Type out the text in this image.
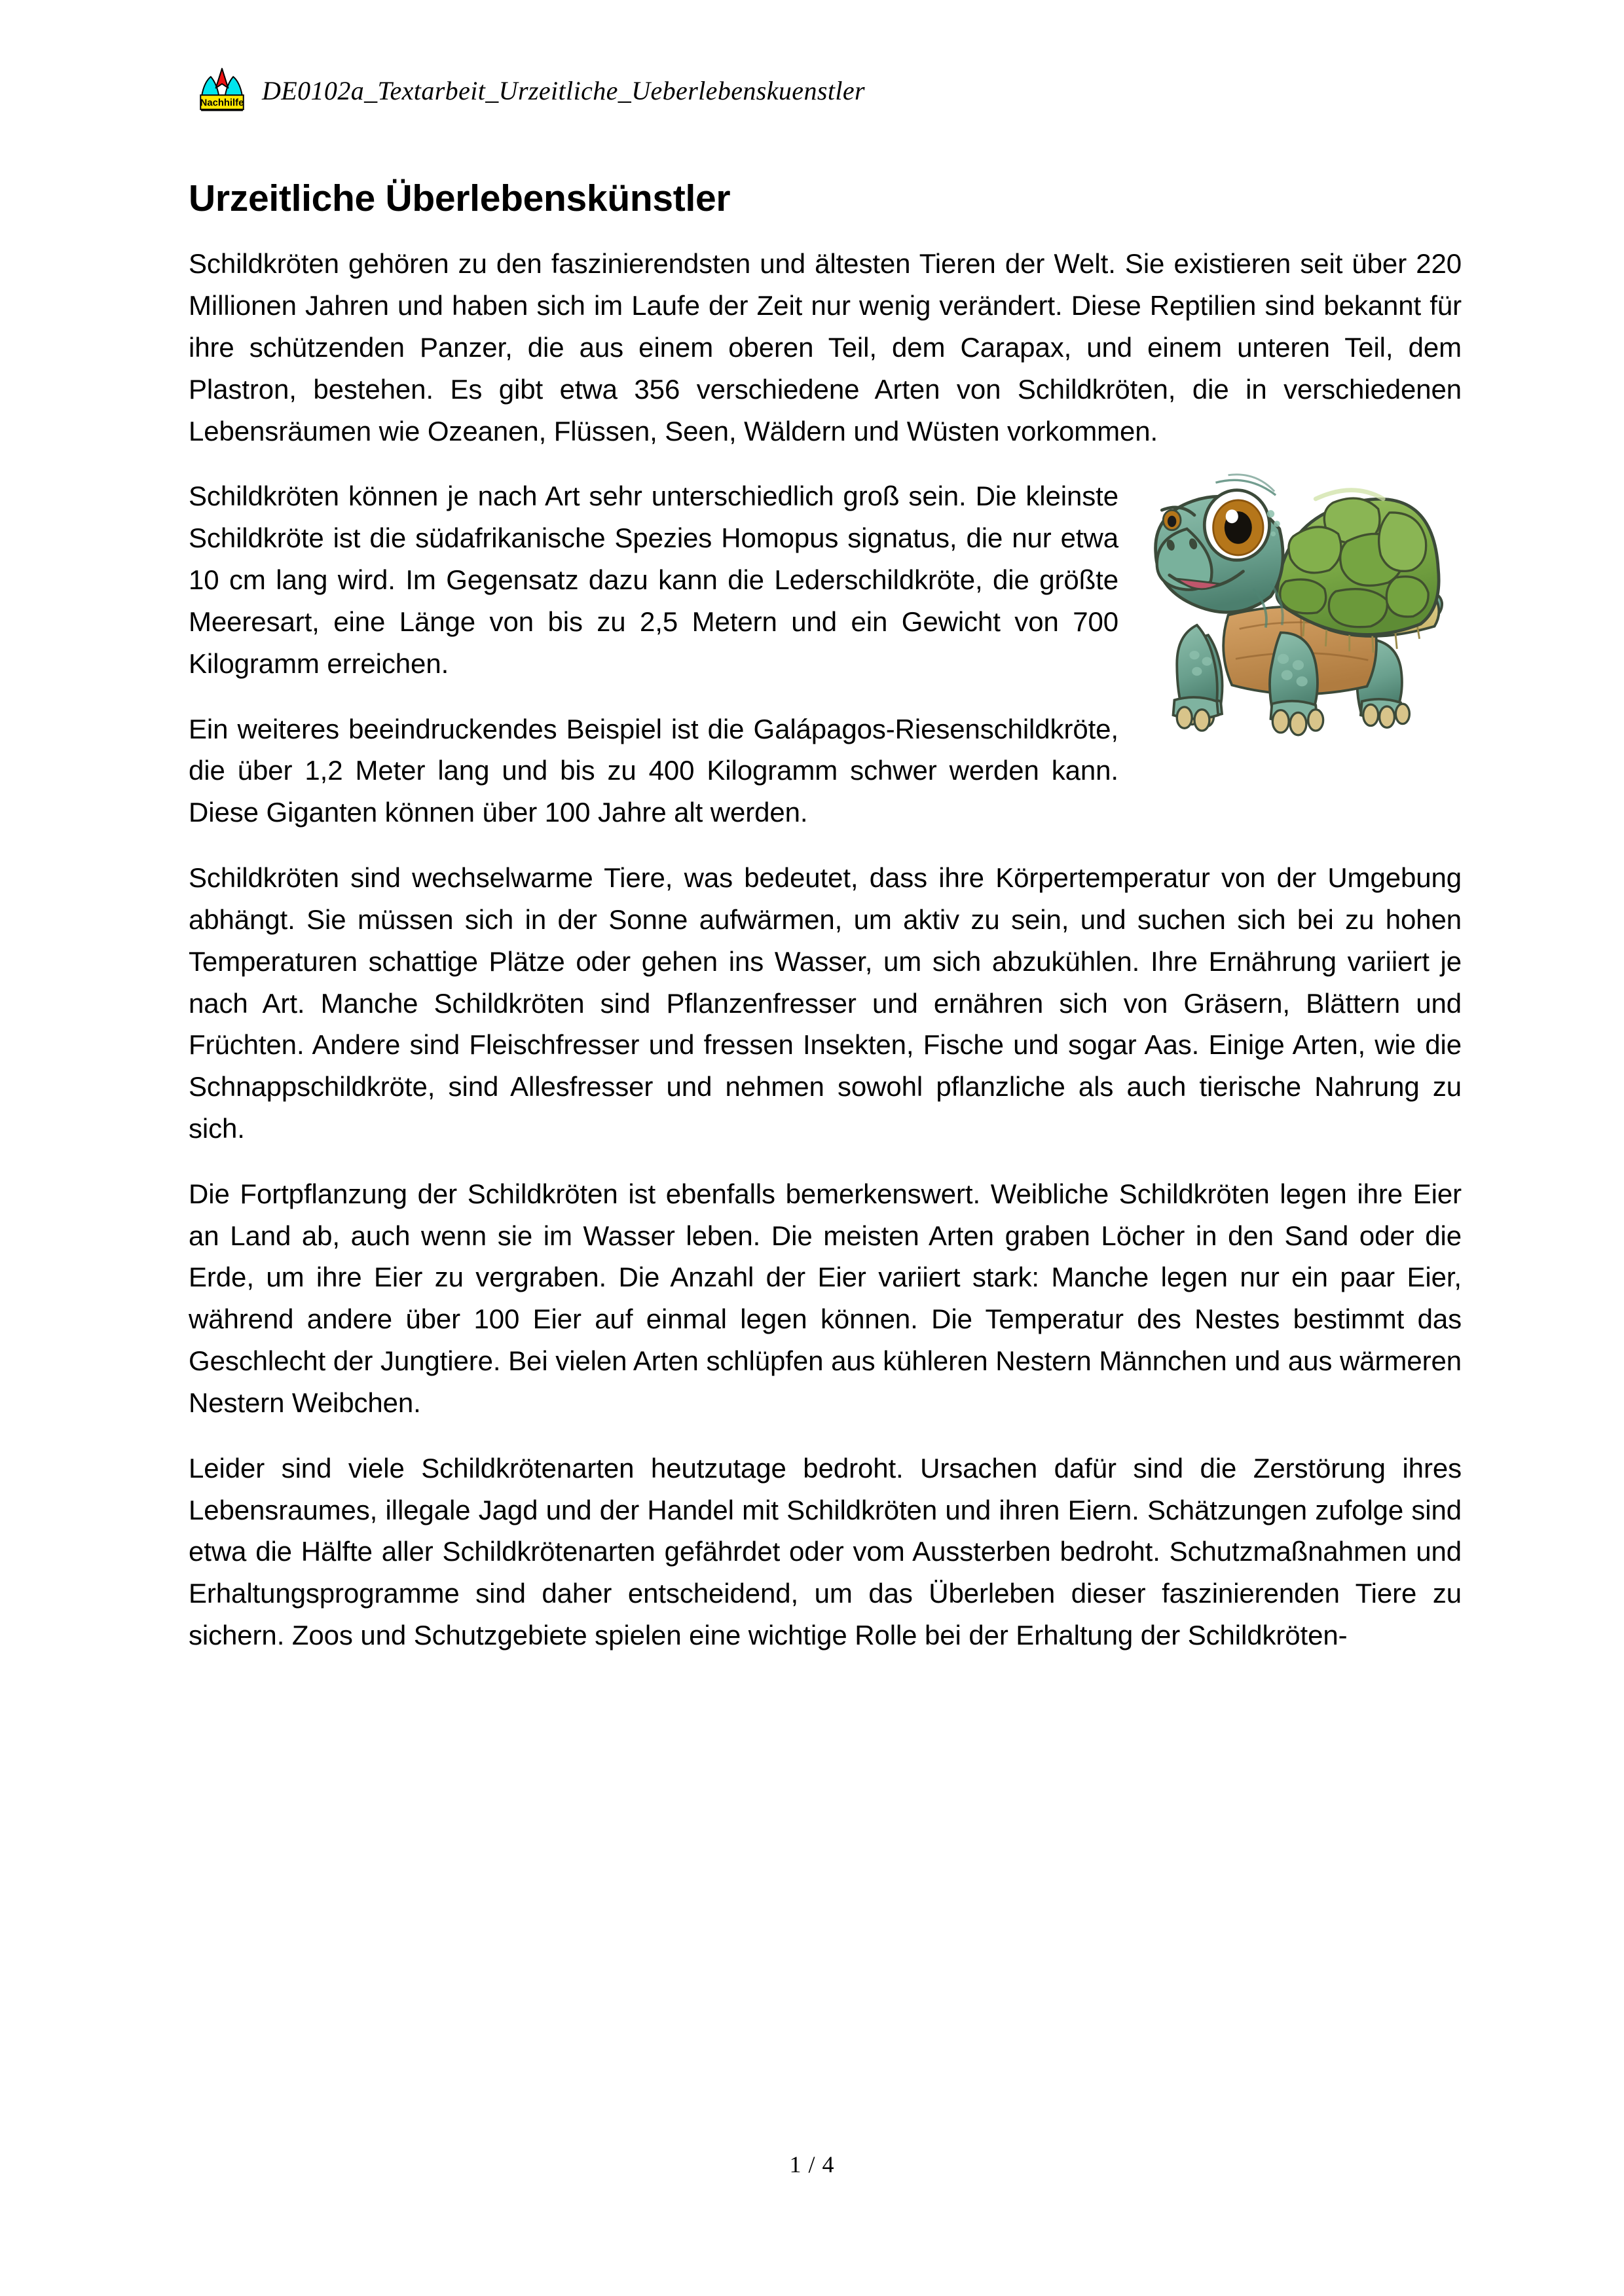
Nachhilfe DE0102a_Textarbeit_Urzeitliche_Ueberlebenskuenstler
Urzeitliche Überlebenskünstler

Schildkröten gehören zu den faszinierendsten und ältesten Tieren der Welt. Sie existieren seit über 220 Millionen Jahren und haben sich im Laufe der Zeit nur wenig verändert. Diese Reptilien sind bekannt für ihre schützenden Panzer, die aus einem oberen Teil, dem Carapax, und einem unteren Teil, dem Plastron, bestehen. Es gibt etwa 356 verschiedene Arten von Schildkröten, die in verschiedenen Lebensräumen wie Ozeanen, Flüssen, Seen, Wäldern und Wüsten vorkommen.

Schildkröten können je nach Art sehr unterschiedlich groß sein. Die kleinste Schildkröte ist die südafrikanische Spezies Homopus signatus, die nur etwa 10 cm lang wird. Im Gegensatz dazu kann die Lederschildkröte, die größte Meeresart, eine Länge von bis zu 2,5 Metern und ein Gewicht von 700 Kilogramm erreichen.

Ein weiteres beeindruckendes Beispiel ist die Galápagos-Riesenschildkröte, die über 1,2 Meter lang und bis zu 400 Kilogramm schwer werden kann. Diese Giganten können über 100 Jahre alt werden.

Schildkröten sind wechselwarme Tiere, was bedeutet, dass ihre Körpertemperatur von der Umgebung abhängt. Sie müssen sich in der Sonne aufwärmen, um aktiv zu sein, und suchen sich bei zu hohen Temperaturen schattige Plätze oder gehen ins Wasser, um sich abzukühlen. Ihre Ernährung variiert je nach Art. Manche Schildkröten sind Pflanzenfresser und ernähren sich von Gräsern, Blättern und Früchten. Andere sind Fleischfresser und fressen Insekten, Fische und sogar Aas. Einige Arten, wie die Schnappschildkröte, sind Allesfresser und nehmen sowohl pflanzliche als auch tierische Nahrung zu sich.

Die Fortpflanzung der Schildkröten ist ebenfalls bemerkenswert. Weibliche Schildkröten legen ihre Eier an Land ab, auch wenn sie im Wasser leben. Die meisten Arten graben Löcher in den Sand oder die Erde, um ihre Eier zu vergraben. Die Anzahl der Eier variiert stark: Manche legen nur ein paar Eier, während andere über 100 Eier auf einmal legen können. Die Temperatur des Nestes bestimmt das Geschlecht der Jungtiere. Bei vielen Arten schlüpfen aus kühleren Nestern Männchen und aus wärmeren Nestern Weibchen.

Leider sind viele Schildkrötenarten heutzutage bedroht. Ursachen dafür sind die Zerstörung ihres Lebensraumes, illegale Jagd und der Handel mit Schildkröten und ihren Eiern. Schätzungen zufolge sind etwa die Hälfte aller Schildkrötenarten gefährdet oder vom Aussterben bedroht. Schutzmaßnahmen und Erhaltungsprogramme sind daher entscheidend, um das Überleben dieser faszinierenden Tiere zu sichern. Zoos und Schutzgebiete spielen eine wichtige Rolle bei der Erhaltung der Schildkröten-

1 / 4
